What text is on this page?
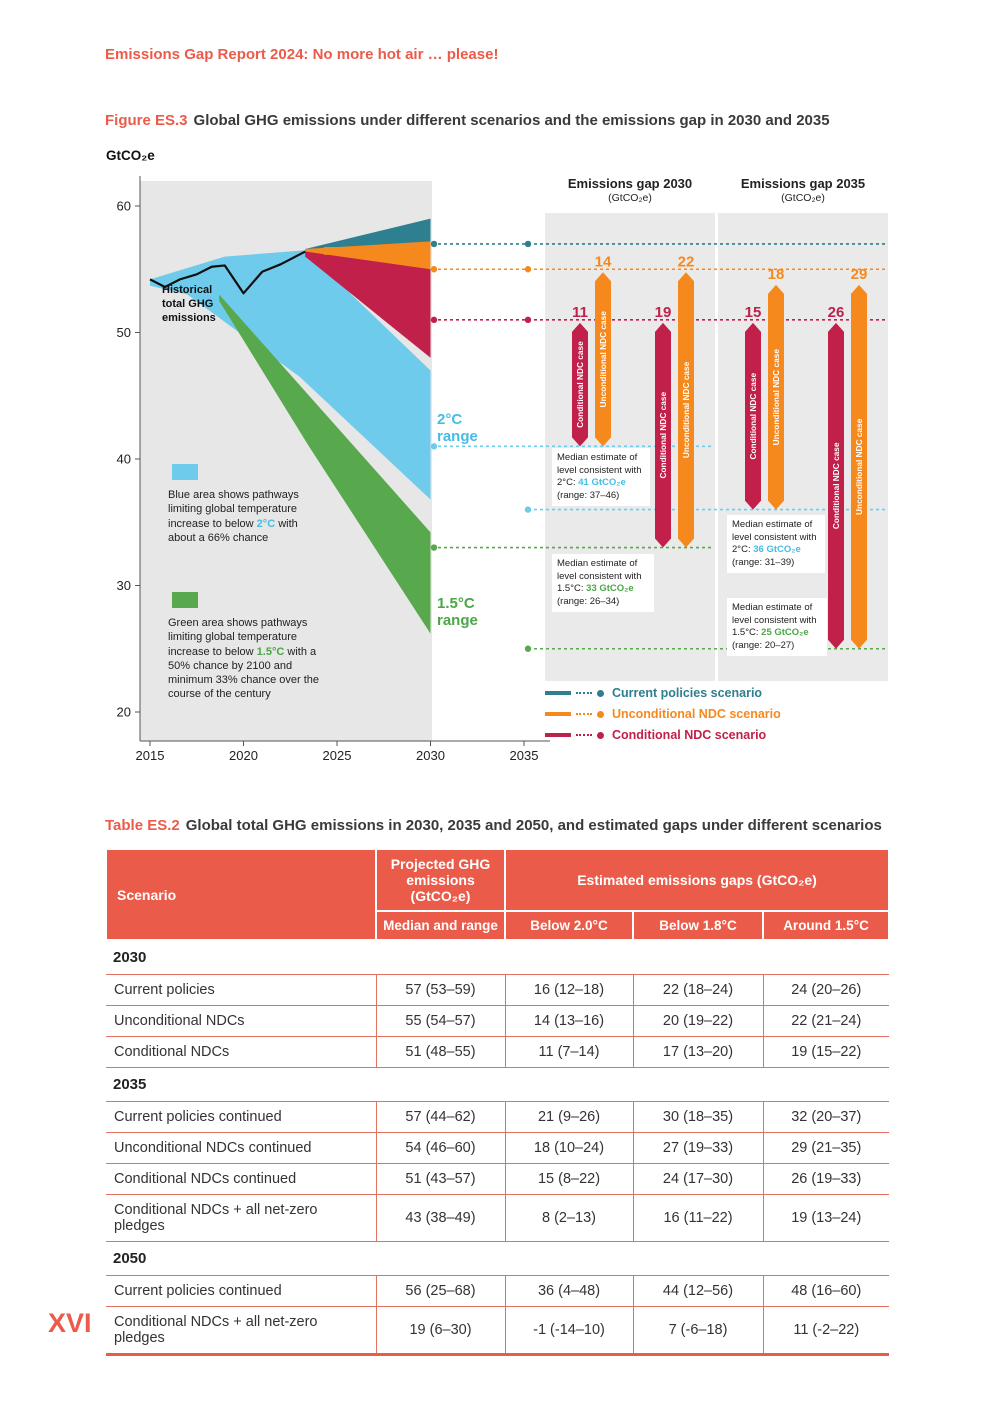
Emissions Gap Report 2024: No more hot air … please!
Figure ES.3 Global GHG emissions under different scenarios and the emissions gap in 2030 and 2035
Conditional NDC case
11 Unconditional NDC case
14
Conditional NDC case
19
Unconditional NDC case
22
Conditional NDC case
15
Unconditional NDC case
18
Conditional NDC case
26
Unconditional NDC case
29
60
50
40
30
20
2015	2020	2025	2030	2035
GtCO₂e
Emissions gap 2030
(GtCO₂e)
Emissions gap 2035
(GtCO₂e)
Historical total GHG emissions
Blue area shows pathways limiting global temperature increase to below 2°C with about a 66% chance
Green area shows pathways limiting global temperature increase to below 1.5°C with a 50% chance by 2100 and minimum 33% chance over the course of the century
2°C
range
1.5°C
range
Median estimate of level consistent with 2°C: 41 GtCO₂e (range: 37–46)
Median estimate of level consistent with 1.5°C: 33 GtCO₂e (range: 26–34)
Median estimate of level consistent with 2°C: 36 GtCO₂e (range: 31–39)
Median estimate of level consistent with 1.5°C: 25 GtCO₂e (range: 20–27)
Current policies scenario
Unconditional NDC scenario
Conditional NDC scenario
Table ES.2 Global total GHG emissions in 2030, 2035 and 2050, and estimated gaps under different scenarios
Scenario	Projected GHG emissions (GtCO₂e)	Estimated emissions gaps (GtCO₂e)		
	Median and range	Below 2.0°C	Below 1.8°C	Around 1.5°C
2030				
Current policies	57 (53–59)	16 (12–18)	22 (18–24)	24 (20–26)
Unconditional NDCs	55 (54–57)	14 (13–16)	20 (19–22)	22 (21–24)
Conditional NDCs	51 (48–55)	11 (7–14)	17 (13–20)	19 (15–22)
2035				
Current policies continued	57 (44–62)	21 (9–26)	30 (18–35)	32 (20–37)
Unconditional NDCs continued	54 (46–60)	18 (10–24)	27 (19–33)	29 (21–35)
Conditional NDCs continued	51 (43–57)	15 (8–22)	24 (17–30)	26 (19–33)
Conditional NDCs + all net-zero pledges	43 (38–49)	8 (2–13)	16 (11–22)	19 (13–24)
2050				
Current policies continued	56 (25–68)	36 (4–48)	44 (12–56)	48 (16–60)
Conditional NDCs + all net-zero pledges	19 (6–30)	-1 (-14–10)	7 (-6–18)	11 (-2–22)
XVI
